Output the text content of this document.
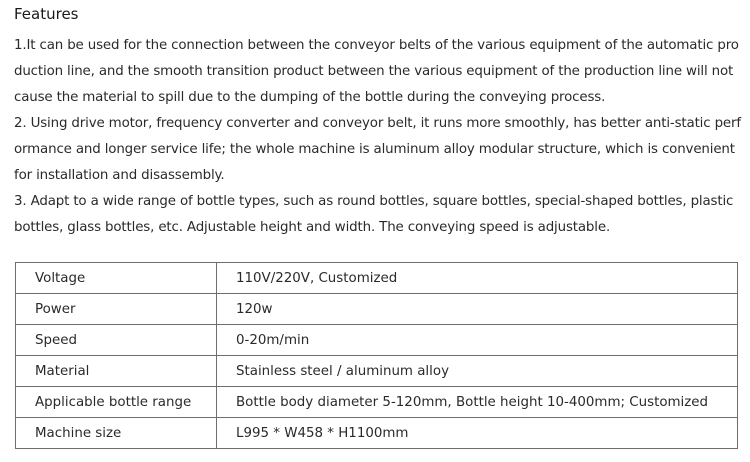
Features

1.It can be used for the connection between the conveyor belts of the various equipment of the automatic production line, and the smooth transition product between the various equipment of the production line will not cause the material to spill due to the dumping of the bottle during the conveying process.

2. Using drive motor, frequency converter and conveyor belt, it runs more smoothly, has better anti-static performance and longer service life; the whole machine is aluminum alloy modular structure, which is convenient for installation and disassembly.

3. Adapt to a wide range of bottle types, such as round bottles, square bottles, special-shaped bottles, plastic bottles, glass bottles, etc. Adjustable height and width. The conveying speed is adjustable.

Voltage	110V/220V, Customized
Power	120w
Speed	0-20m/min
Material	Stainless steel / aluminum alloy
Applicable bottle range	Bottle body diameter 5-120mm, Bottle height 10-400mm; Customized
Machine size	L995 * W458 * H1100mm
